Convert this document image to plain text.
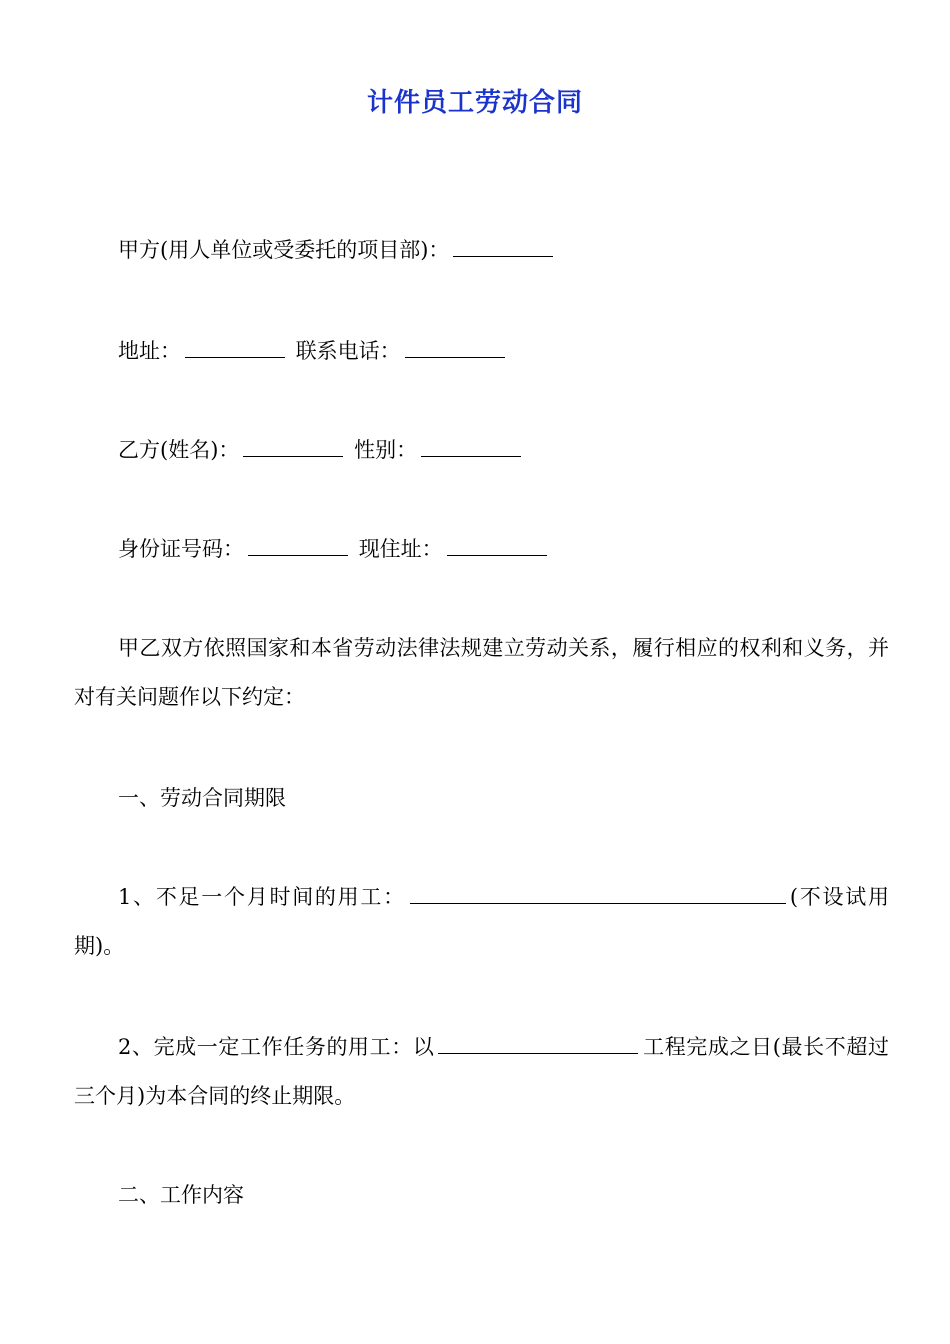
计件员工劳动合同
甲方(用人单位或受委托的项目部)：
地址：	联系电话：
乙方(姓名)：	性别：
身份证号码：	现住址：
甲乙双方依照国家和本省劳动法律法规建立劳动关系，履行相应的权利和义务，并对有关问题作以下约定：
一、劳动合同期限
1、不足一个月时间的用工：	(不设试用期)。
2、完成一定工作任务的用工：以	工程完成之日(最长不超过三个月)为本合同的终止期限。
二、工作内容
